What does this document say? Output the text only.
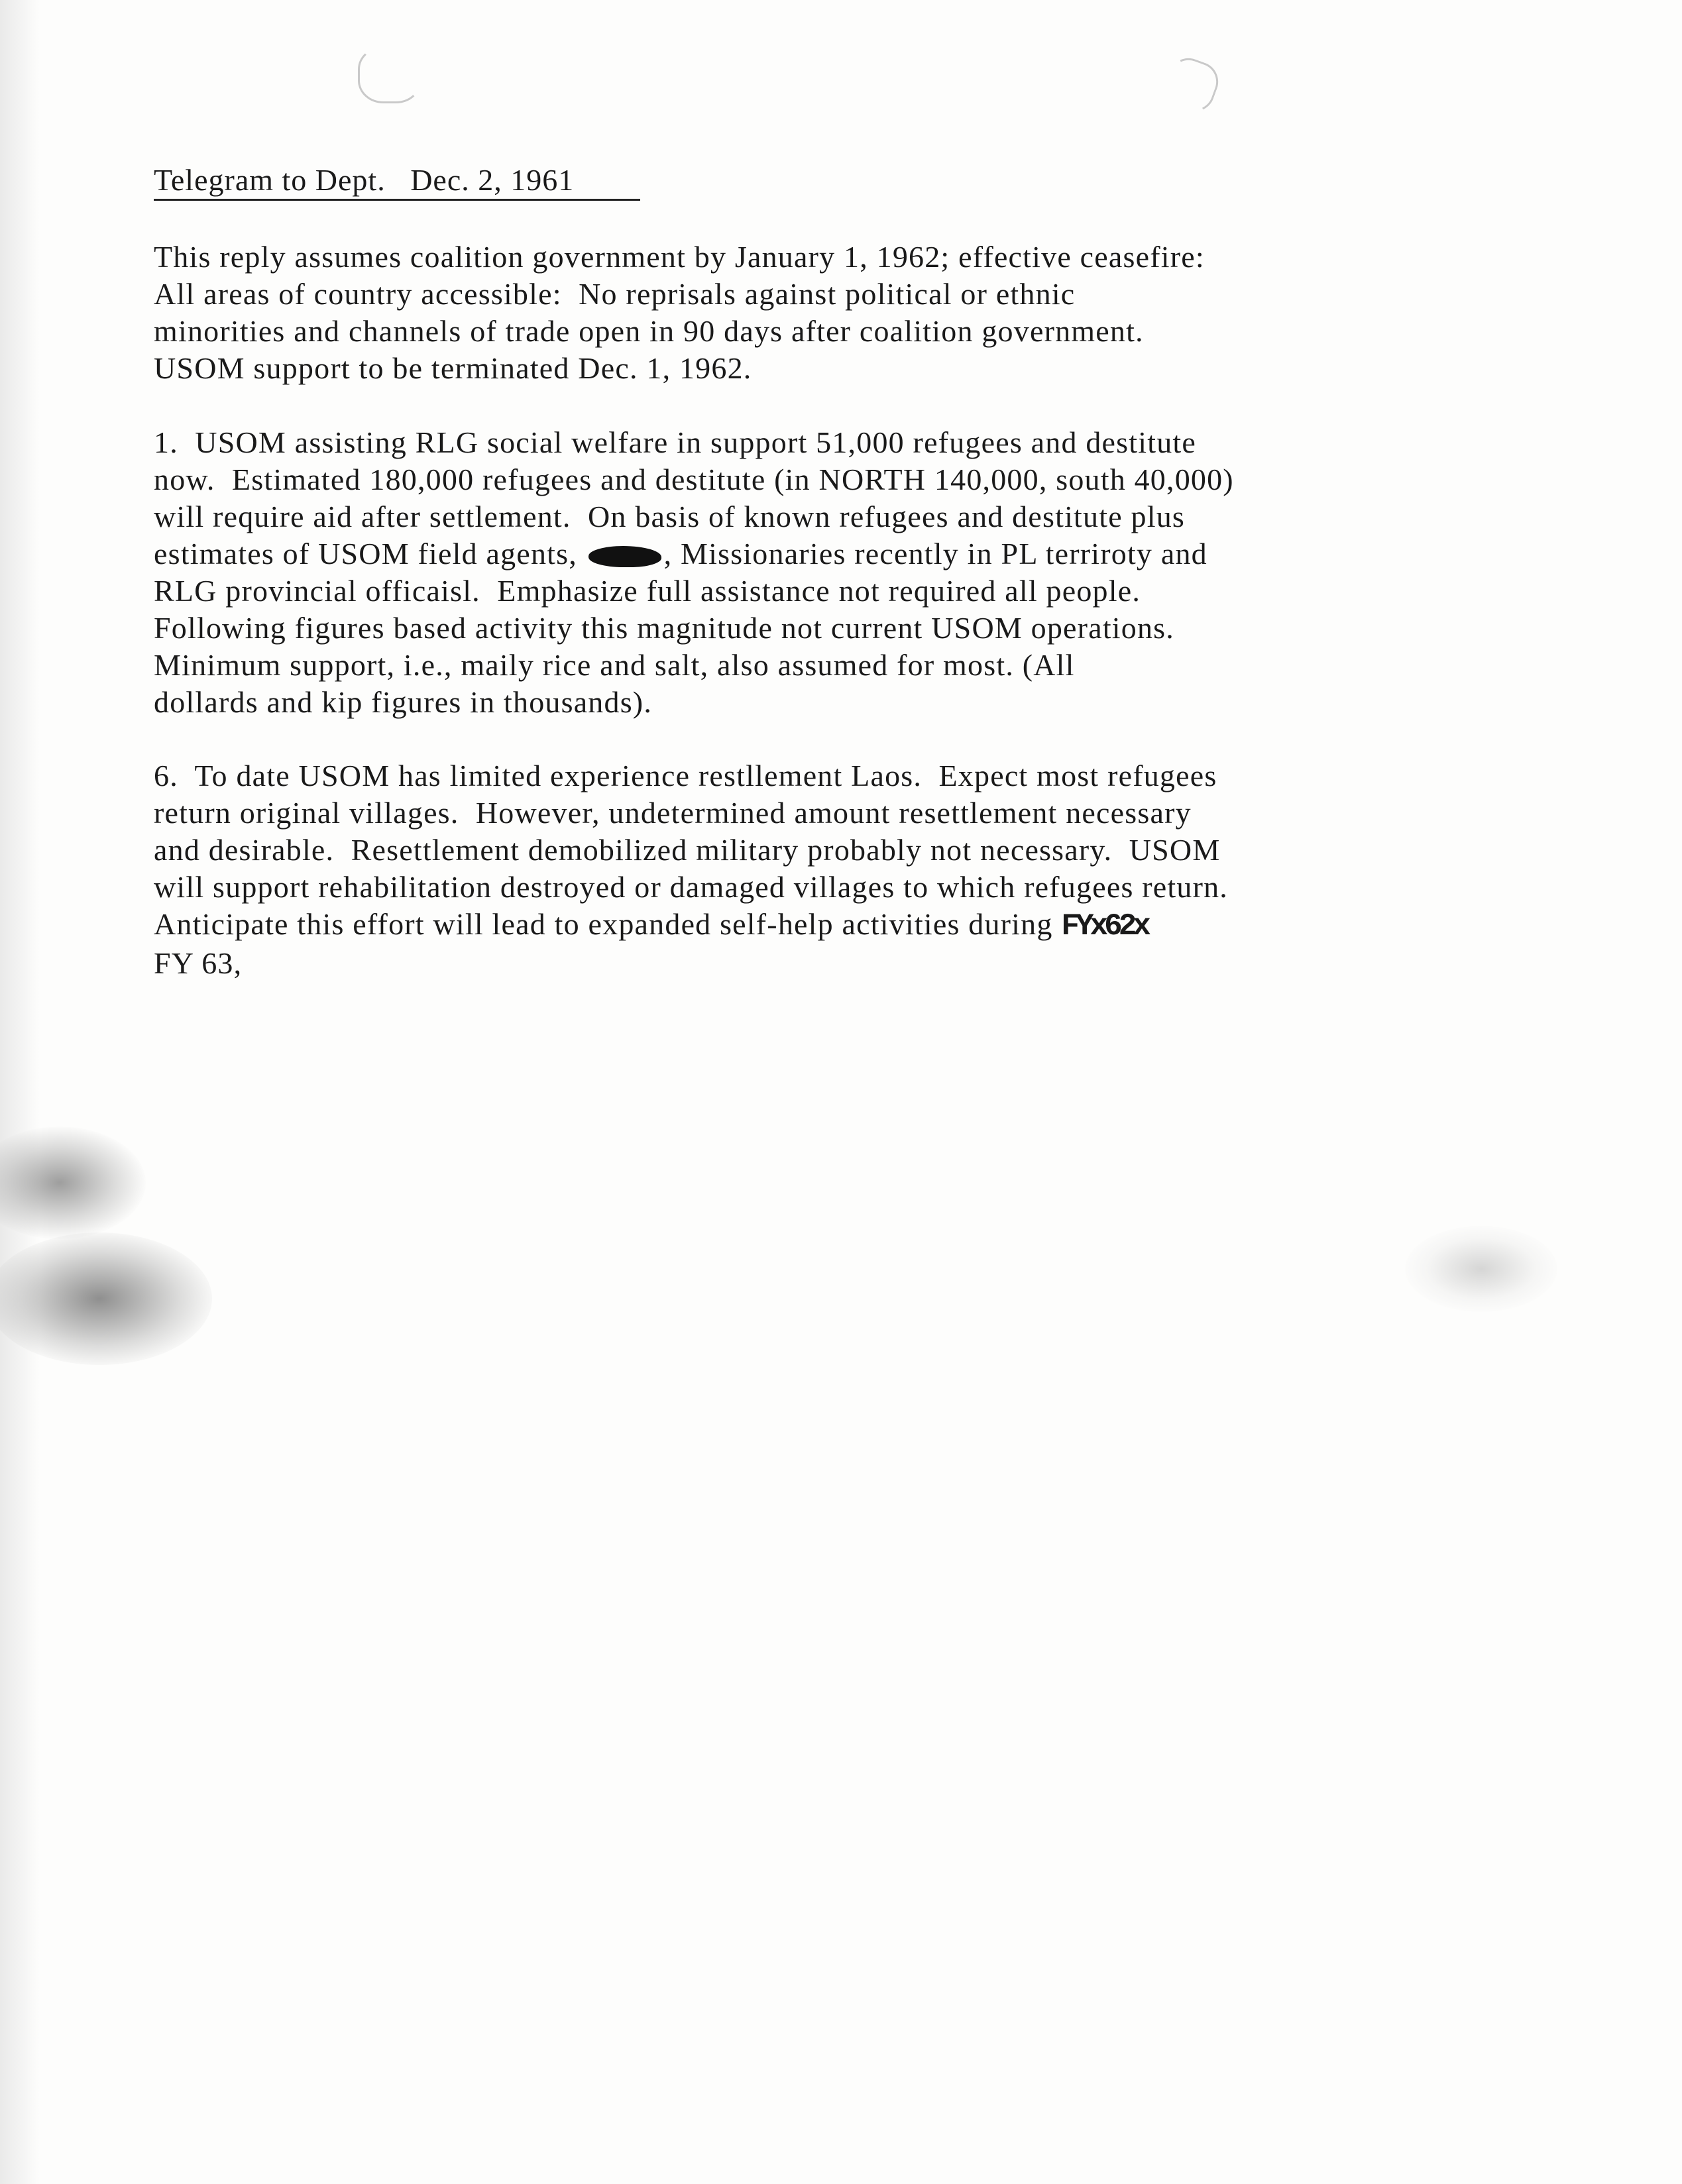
Telegram to Dept.   Dec. 2, 1961
This reply assumes coalition government by January 1, 1962; effective ceasefire:
All areas of country accessible:  No reprisals against political or ethnic
minorities and channels of trade open in 90 days after coalition government.
USOM support to be terminated Dec. 1, 1962.
1.  USOM assisting RLG social welfare in support 51,000 refugees and destitute
now.  Estimated 180,000 refugees and destitute (in NORTH 140,000, south 40,000)
will require aid after settlement.  On basis of known refugees and destitute plus
estimates of USOM field agents,	, Missionaries recently in PL terriroty and
RLG provincial officaisl.  Emphasize full assistance not required all people.
Following figures based activity this magnitude not current USOM operations.
Minimum support, i.e., maily rice and salt, also assumed for most. (All
dollards and kip figures in thousands).
6.  To date USOM has limited experience restllement Laos.  Expect most refugees
return original villages.  However, undetermined amount resettlement necessary
and desirable.  Resettlement demobilized military probably not necessary.  USOM
will support rehabilitation destroyed or damaged villages to which refugees return.
Anticipate this effort will lead to expanded self-help activities during FYx62x
FY 63,
